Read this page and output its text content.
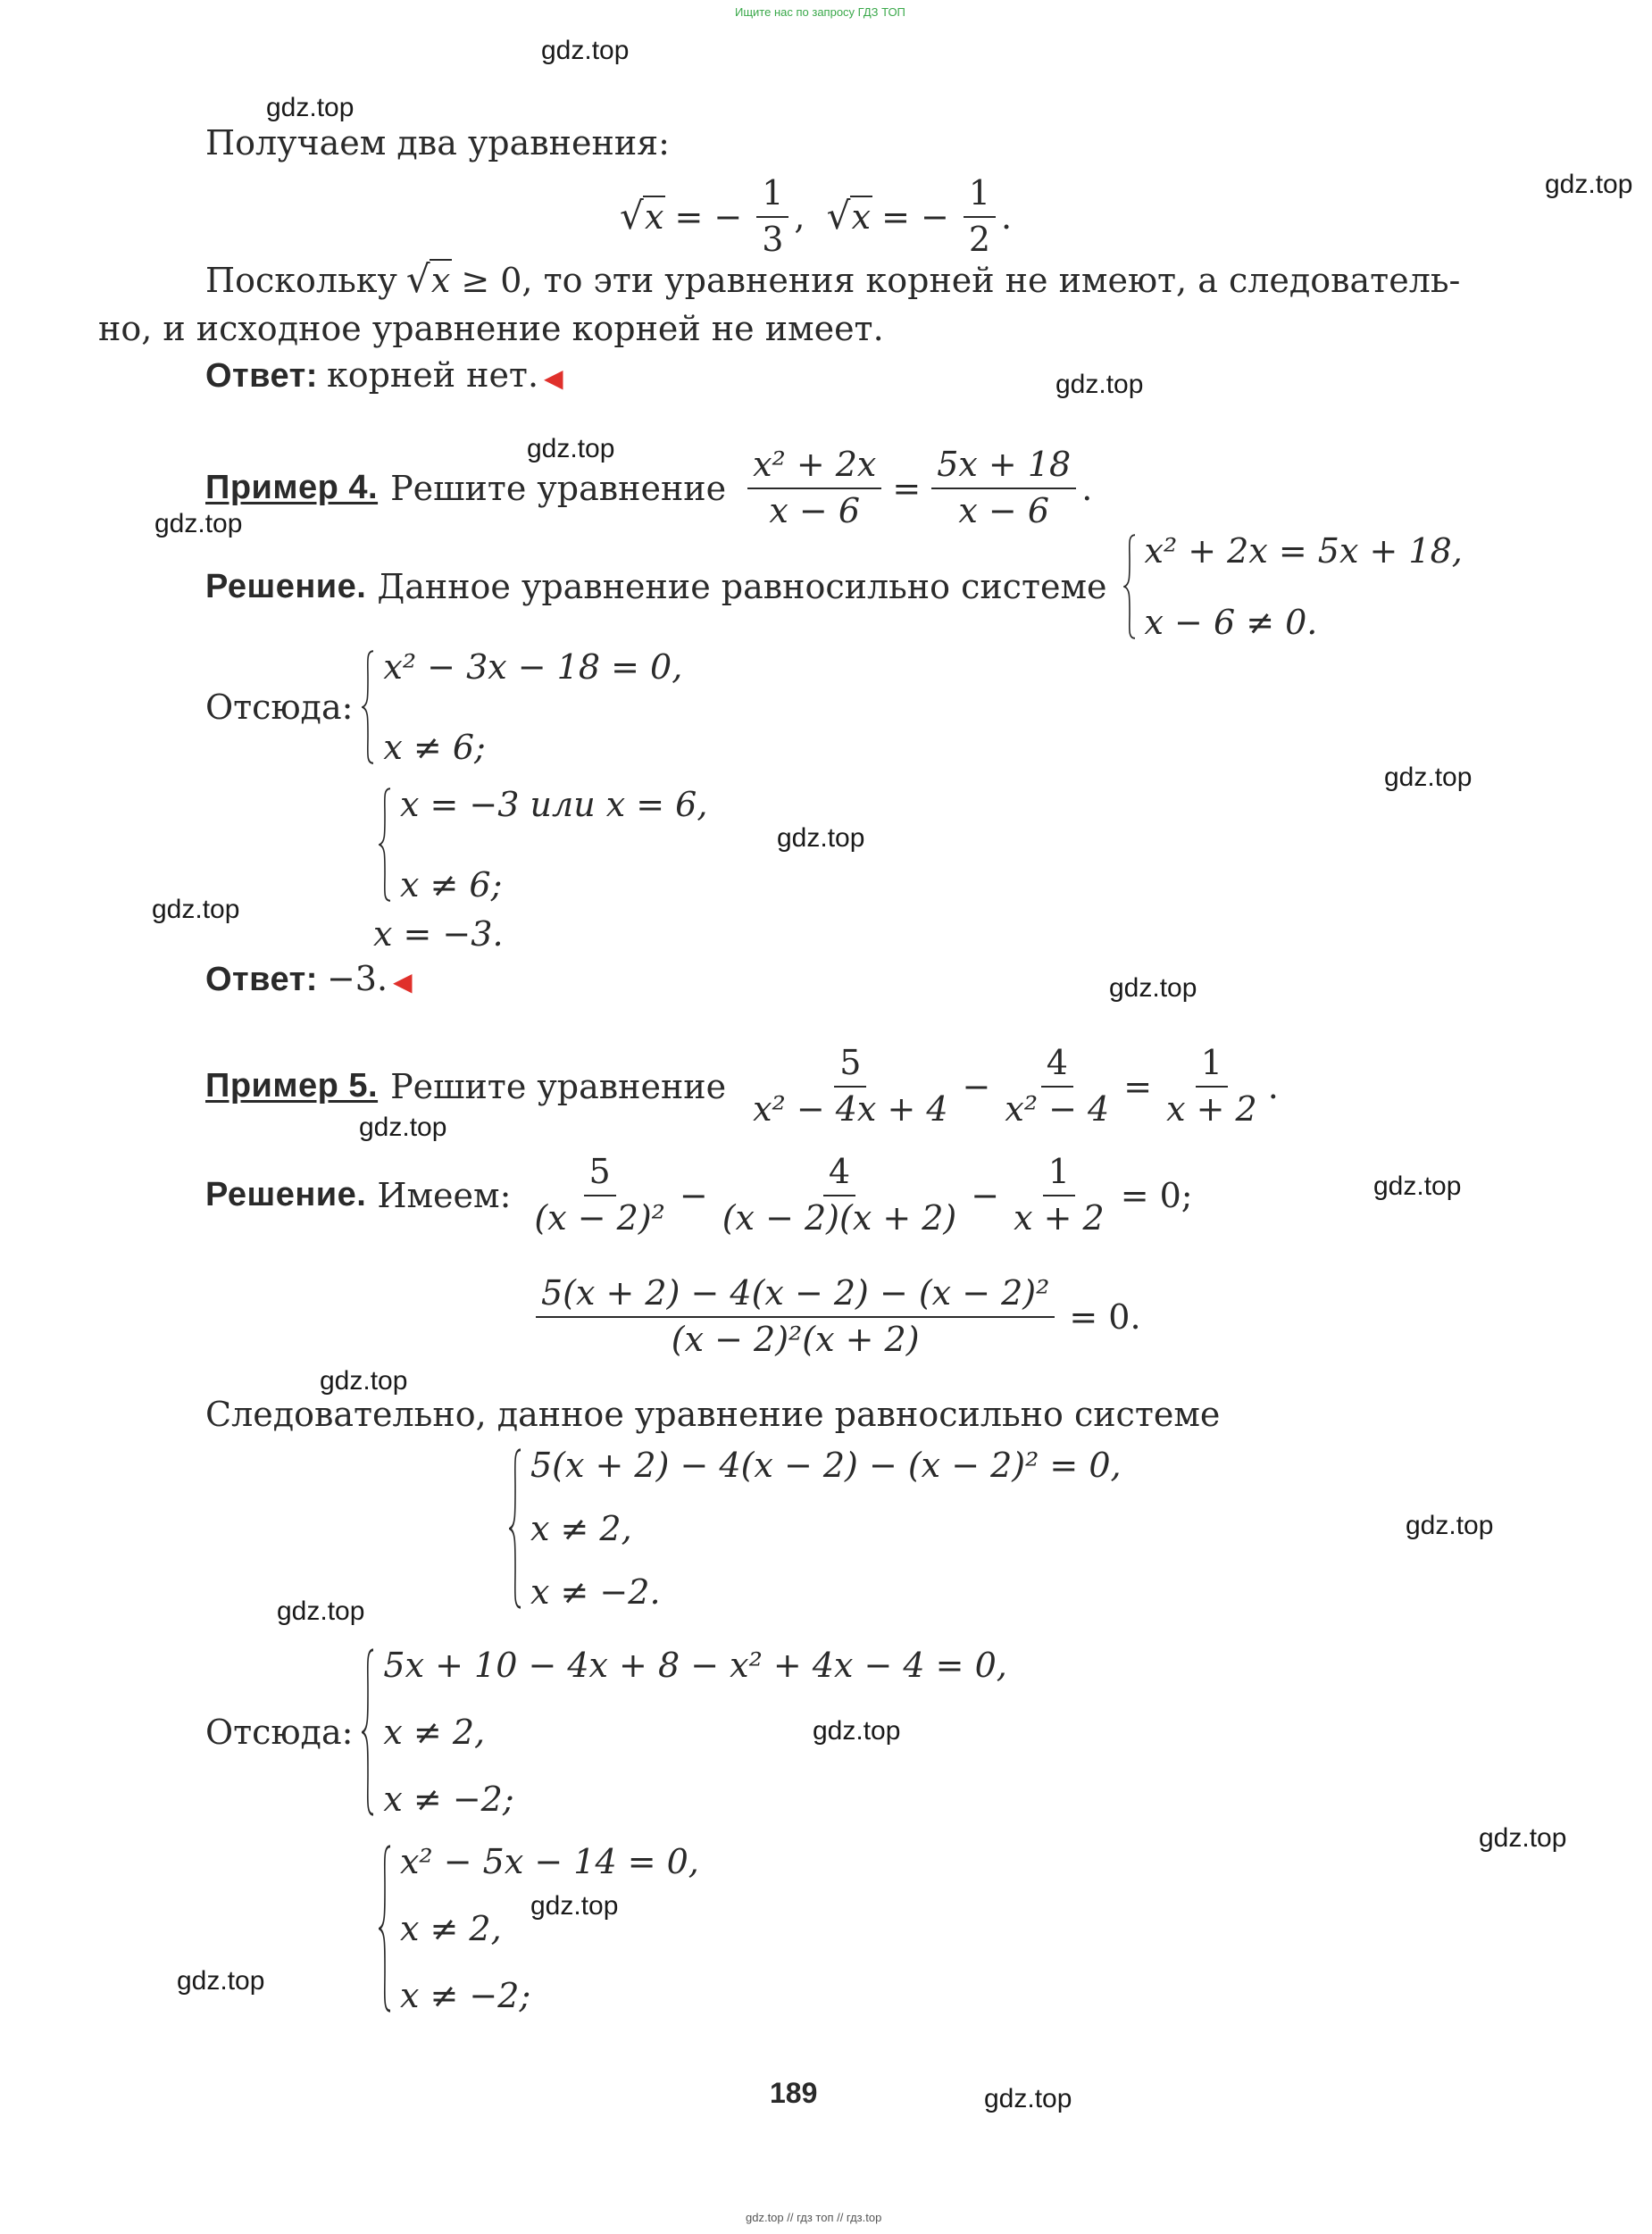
Ищите нас по запросу ГДЗ ТОП
Получаем два уравнения:
√ x = − $\frac{1}{3}$ , √ x = − $\frac{1}{2}$ .
Поскольку	√ x ≥ 0, то эти уравнения корней не имеют, а следователь-
но, и исходное уравнение корней не имеет.
Ответ: корней нет. ◀
Пример 4. Решите уравнение $\frac{\text{x² + 2x}}{x - 6} = \frac{5x + 18}{x - 6}$ .
Решение. Данное уравнение равносильно системе
x² + 2x = 5x + 18,
x − 6 ≠ 0.
Отсюда:
x² − 3x − 18 = 0,
x ≠ 6;
x = −3 или x = 6,
x ≠ 6;
x = −3.
Ответ: −3. ◀
Пример 5. Решите уравнение $\frac{5}{\text{x² − 4x + 4}} - \frac{4}{\text{x² − 4}} = \frac{1}{x + 2}$ .
Решение. Имеем: $\frac{5}{\text{(x − 2)²}} - \frac{4}{(x - 2)(x + 2)} - \frac{1}{x + 2} = 0$;
$\frac{\text{5(x + 2) − 4(x − 2) − (x − 2)²}}{\text{(x − 2)²(x + 2)}} = 0$.
Следовательно, данное уравнение равносильно системе
5(x + 2) − 4(x − 2) − (x − 2)² = 0,
x ≠ 2,
x ≠ −2.
Отсюда:
5x + 10 − 4x + 8 − x² + 4x − 4 = 0,
x ≠ 2,
x ≠ −2;
x² − 5x − 14 = 0,
x ≠ 2,
x ≠ −2;
189
gdz.top // гдз топ // гдз.top
gdz.top
gdz.top
gdz.top
gdz.top
gdz.top
gdz.top
gdz.top
gdz.top
gdz.top
gdz.top
gdz.top
gdz.top
gdz.top
gdz.top
gdz.top
gdz.top
gdz.top
gdz.top
gdz.top
gdz.top
